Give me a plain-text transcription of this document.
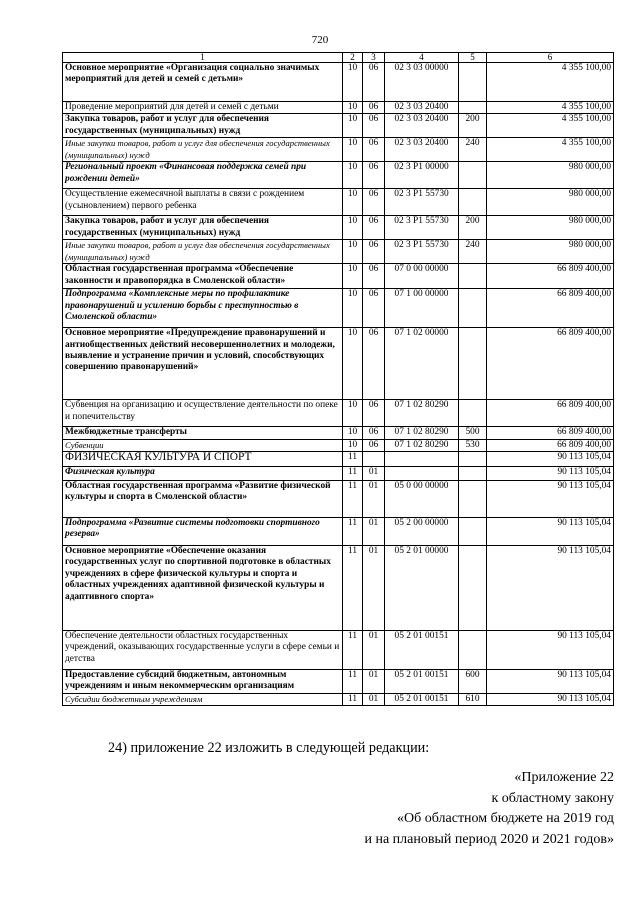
720
1	2	3	4	5	6
Основное мероприятие «Организация социально значимых мероприятий для детей и семей с детьми»	10	06	02 3 03 00000		4 355 100,00
Проведение мероприятий для детей и семей с детьми	10	06	02 3 03 20400		4 355 100,00
Закупка товаров, работ и услуг для обеспечения государственных (муниципальных) нужд	10	06	02 3 03 20400	200	4 355 100,00
Иные закупки товаров, работ и услуг для обеспечения государственных (муниципальных) нужд	10	06	02 3 03 20400	240	4 355 100,00
Региональный проект «Финансовая поддержка семей при рождении детей»	10	06	02 3 P1 00000		980 000,00
Осуществление ежемесячной выплаты в связи с рождением (усыновлением) первого ребенка	10	06	02 3 P1 55730		980 000,00
Закупка товаров, работ и услуг для обеспечения государственных (муниципальных) нужд	10	06	02 3 P1 55730	200	980 000,00
Иные закупки товаров, работ и услуг для обеспечения государственных (муниципальных) нужд	10	06	02 3 P1 55730	240	980 000,00
Областная государственная программа «Обеспечение законности и правопорядка в Смоленской области»	10	06	07 0 00 00000		66 809 400,00
Подпрограмма «Комплексные меры по профилактике правонарушений и усилению борьбы с преступностью в Смоленской области»	10	06	07 1 00 00000		66 809 400,00
Основное мероприятие «Предупреждение правонарушений и антиобщественных действий несовершеннолетних и молодежи, выявление и устранение причин и условий, способствующих совершению правонарушений»	10	06	07 1 02 00000		66 809 400,00
Субвенция на организацию и осуществление деятельности по опеке и попечительству	10	06	07 1 02 80290		66 809 400,00
Межбюджетные трансферты	10	06	07 1 02 80290	500	66 809 400,00
Субвенции	10	06	07 1 02 80290	530	66 809 400,00
ФИЗИЧЕСКАЯ КУЛЬТУРА И СПОРТ	11				90 113 105,04
Физическая культура	11	01			90 113 105,04
Областная государственная программа «Развитие физической культуры и спорта в Смоленской области»	11	01	05 0 00 00000		90 113 105,04
Подпрограмма «Развитие системы подготовки спортивного резерва»	11	01	05 2 00 00000		90 113 105,04
Основное мероприятие «Обеспечение оказания государственных услуг по спортивной подготовке в областных учреждениях в сфере физической культуры и спорта и областных учреждениях адаптивной физической культуры и адаптивного спорта»	11	01	05 2 01 00000		90 113 105,04
Обеспечение деятельности областных государственных учреждений, оказывающих государственные услуги в сфере семьи и детства	11	01	05 2 01 00151		90 113 105,04
Предоставление субсидий бюджетным, автономным учреждениям и иным некоммерческим организациям	11	01	05 2 01 00151	600	90 113 105,04
Субсидии бюджетным учреждениям	11	01	05 2 01 00151	610	90 113 105,04
24) приложение 22 изложить в следующей редакции:
«Приложение 22
к областному закону
«Об областном бюджете на 2019 год
и на плановый период 2020 и 2021 годов»
